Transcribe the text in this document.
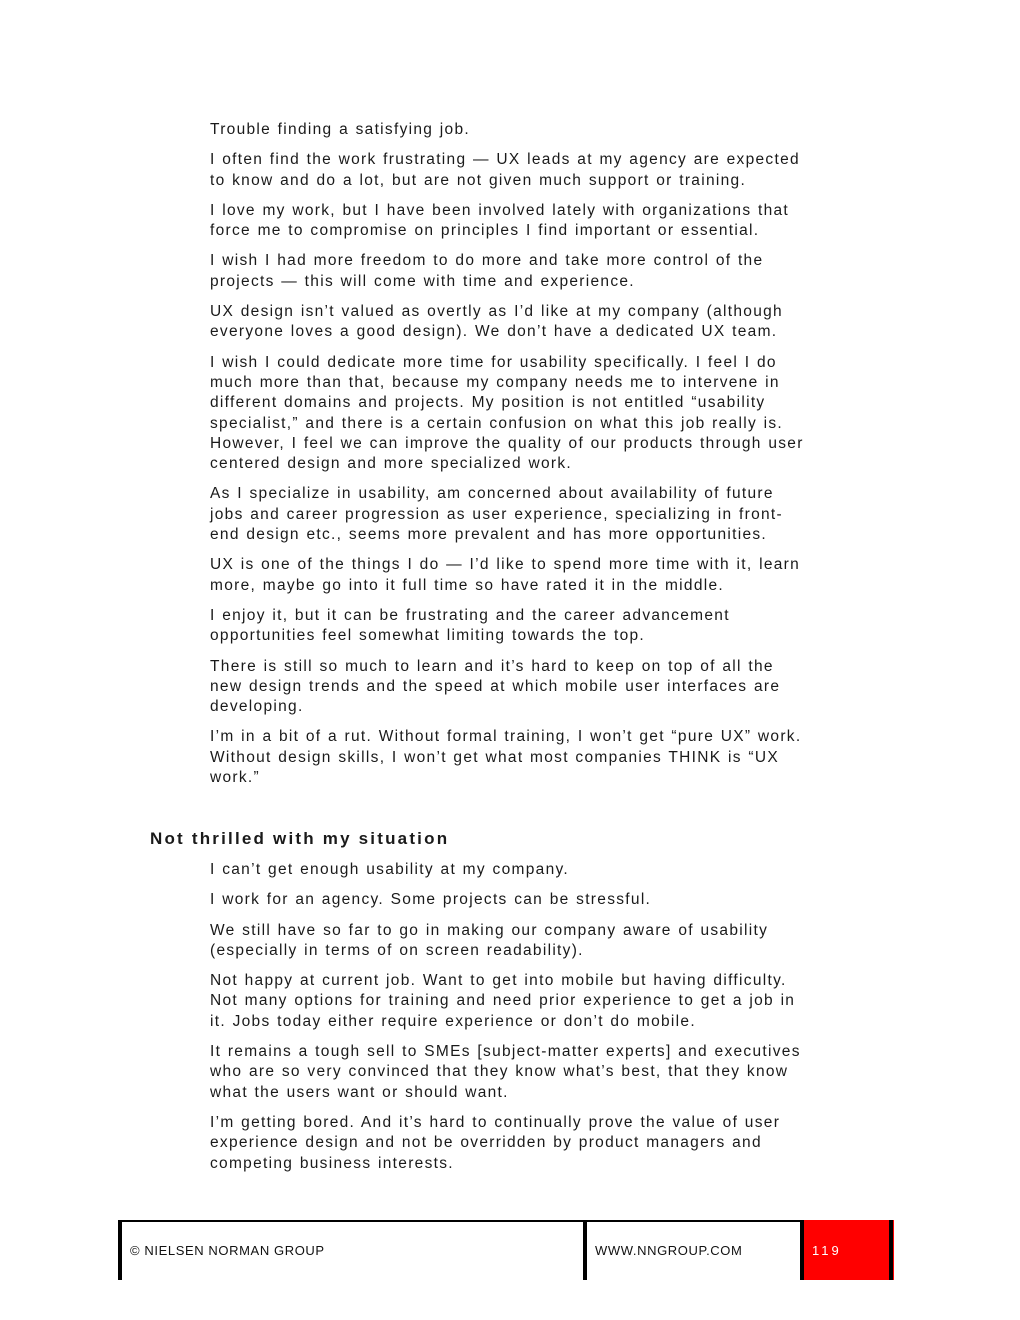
Trouble finding a satisfying job.

I often find the work frustrating — UX leads at my agency are expected to know and do a lot, but are not given much support or training.

I love my work, but I have been involved lately with organizations that force me to compromise on principles I find important or essential.

I wish I had more freedom to do more and take more control of the projects — this will come with time and experience.

UX design isn’t valued as overtly as I’d like at my company (although everyone loves a good design). We don’t have a dedicated UX team.

I wish I could dedicate more time for usability specifically. I feel I do much more than that, because my company needs me to intervene in different domains and projects. My position is not entitled “usability specialist,” and there is a certain confusion on what this job really is. However, I feel we can improve the quality of our products through user centered design and more specialized work.

As I specialize in usability, am concerned about availability of future jobs and career progression as user experience, specializing in front-end design etc., seems more prevalent and has more opportunities.

UX is one of the things I do — I’d like to spend more time with it, learn more, maybe go into it full time so have rated it in the middle.

I enjoy it, but it can be frustrating and the career advancement opportunities feel somewhat limiting towards the top.

There is still so much to learn and it’s hard to keep on top of all the new design trends and the speed at which mobile user interfaces are developing.

I’m in a bit of a rut. Without formal training, I won’t get “pure UX” work. Without design skills, I won’t get what most companies THINK is “UX work.”

Not thrilled with my situation

I can’t get enough usability at my company.

I work for an agency. Some projects can be stressful.

We still have so far to go in making our company aware of usability (especially in terms of on screen readability).

Not happy at current job. Want to get into mobile but having difficulty. Not many options for training and need prior experience to get a job in it. Jobs today either require experience or don’t do mobile.

It remains a tough sell to SMEs [subject-matter experts] and executives who are so very convinced that they know what’s best, that they know what the users want or should want.

I’m getting bored. And it’s hard to continually prove the value of user experience design and not be overridden by product managers and competing business interests.

© NIELSEN NORMAN GROUP	WWW.NNGROUP.COM	119
